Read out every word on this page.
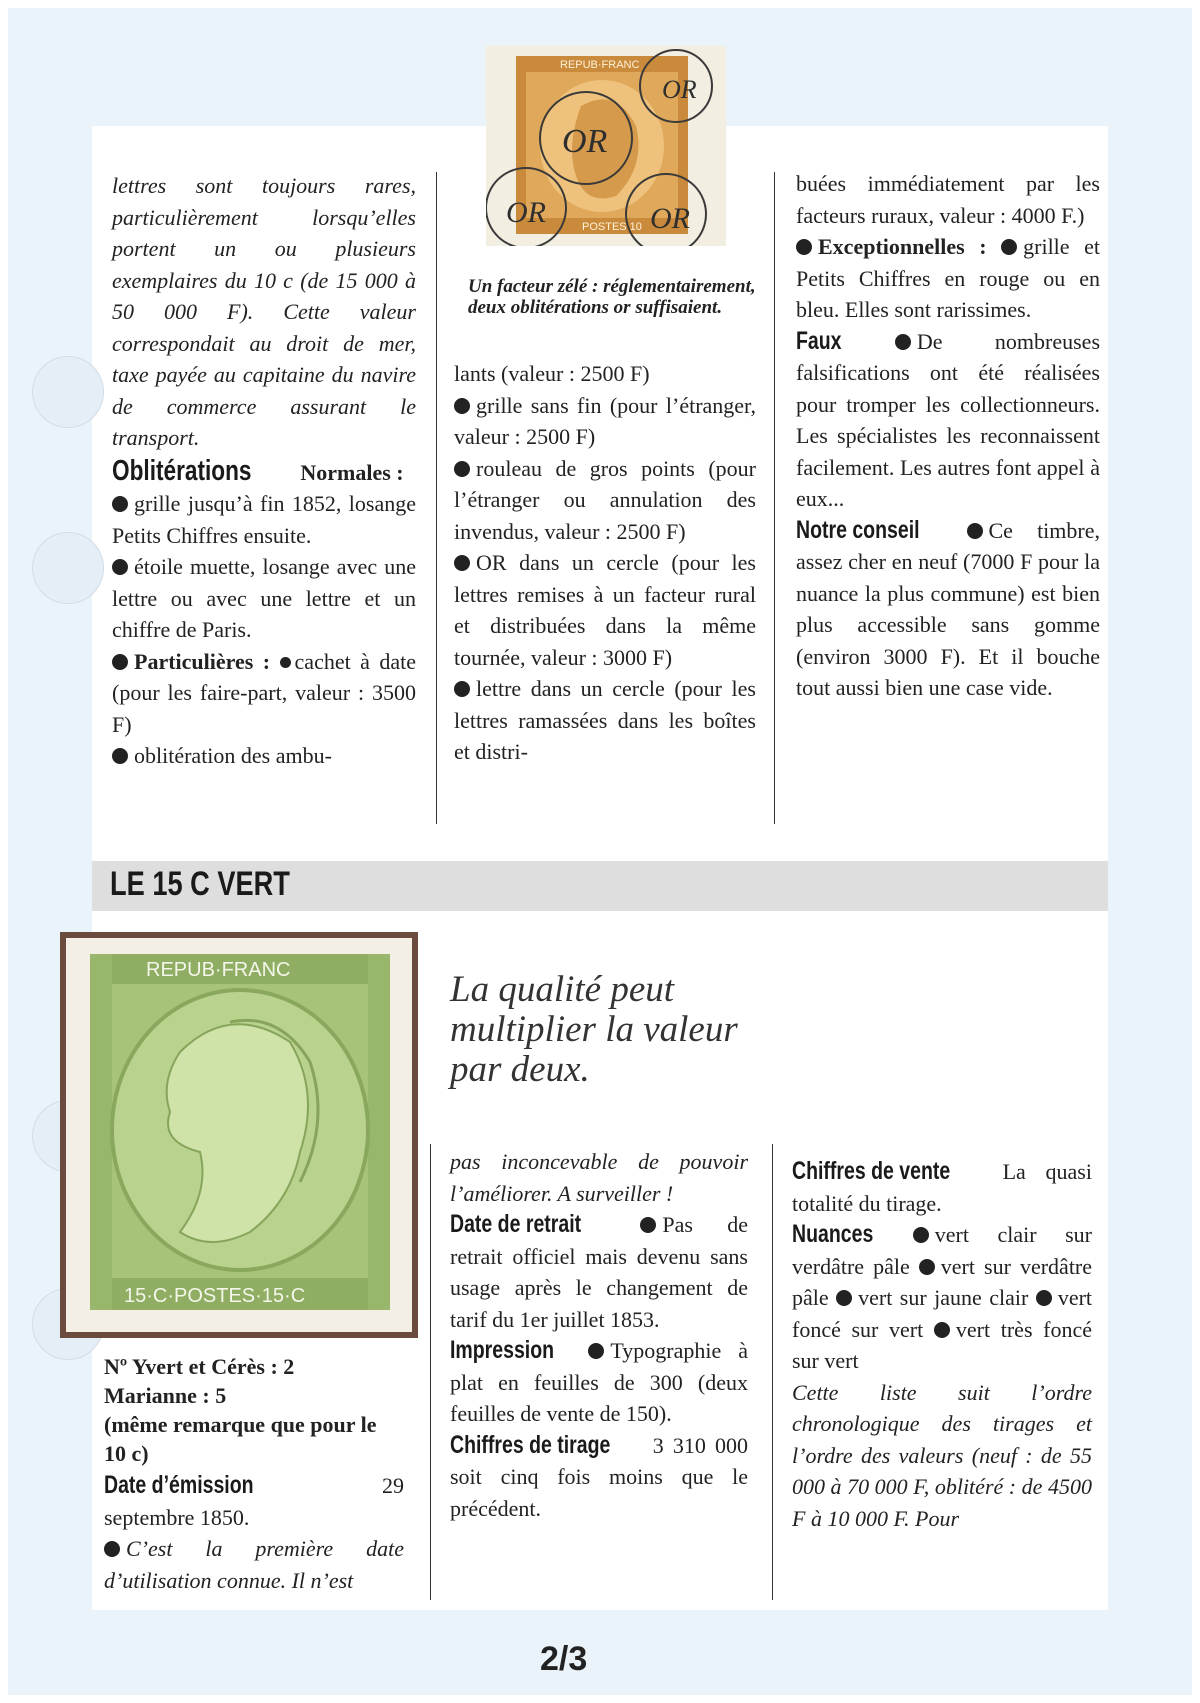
OR
OR	OR
OR
REPUB·FRANC
POSTES 10

lettres sont toujours rares, particulièrement lorsqu’elles portent un ou plusieurs exemplaires du 10 c (de 15 000 à 50 000 F). Cette valeur correspondait au droit de mer, taxe payée au capitaine du navire de commerce assurant le transport.

Oblitérations Normales :

grille jusqu’à fin 1852, losange Petits Chiffres ensuite.

étoile muette, losange avec une lettre ou avec une lettre et un chiffre de Paris.

Particulières : cachet à date (pour les faire-part, valeur : 3500 F)

oblitération des ambu-

Un facteur zélé : réglementairement, deux oblitérations or suffisaient.

lants (valeur : 2500 F)

grille sans fin (pour l’étranger, valeur : 2500 F)

rouleau de gros points (pour l’étranger ou annulation des invendus, valeur : 2500 F)

OR dans un cercle (pour les lettres remises à un facteur rural et distribuées dans la même tournée, valeur : 3000 F)

lettre dans un cercle (pour les lettres ramassées dans les boîtes et distri-

buées immédiatement par les facteurs ruraux, valeur : 4000 F.)

Exceptionnelles : grille et Petits Chiffres en rouge ou en bleu. Elles sont rarissimes.

Faux	De nombreuses falsifications ont été réalisées pour tromper les collectionneurs. Les spécialistes les reconnaissent facilement. Les autres font appel à eux...

Notre conseil	Ce timbre, assez cher en neuf (7000 F pour la nuance la plus commune) est bien plus accessible sans gomme (environ 3000 F). Et il bouche tout aussi bien une case vide.

LE 15 C VERT
REPUB·FRANC
15·C·POSTES·15·C
La qualité peut
multiplier la valeur
par deux.
Nº Yvert et Cérès : 2
Marianne : 5
(même remarque que pour le 10 c)

Date d’émission	29 septembre 1850.

C’est la première date d’utilisation connue. Il n’est

pas inconcevable de pouvoir l’améliorer. A surveiller !

Date de retrait	Pas de retrait officiel mais devenu sans usage après le changement de tarif du 1er juillet 1853.

Impression	Typographie à plat en feuilles de 300 (deux feuilles de vente de 150).

Chiffres de tirage 3 310 000 soit cinq fois moins que le précédent.

Chiffres de vente La quasi totalité du tirage.

Nuances	vert clair sur verdâtre pâle vert sur verdâtre pâle vert sur jaune clair vert foncé sur vert vert très foncé sur vert

Cette liste suit l’ordre chronologique des tirages et l’ordre des valeurs (neuf : de 55 000 à 70 000 F, oblitéré : de 4500 F à 10 000 F. Pour

2/3
